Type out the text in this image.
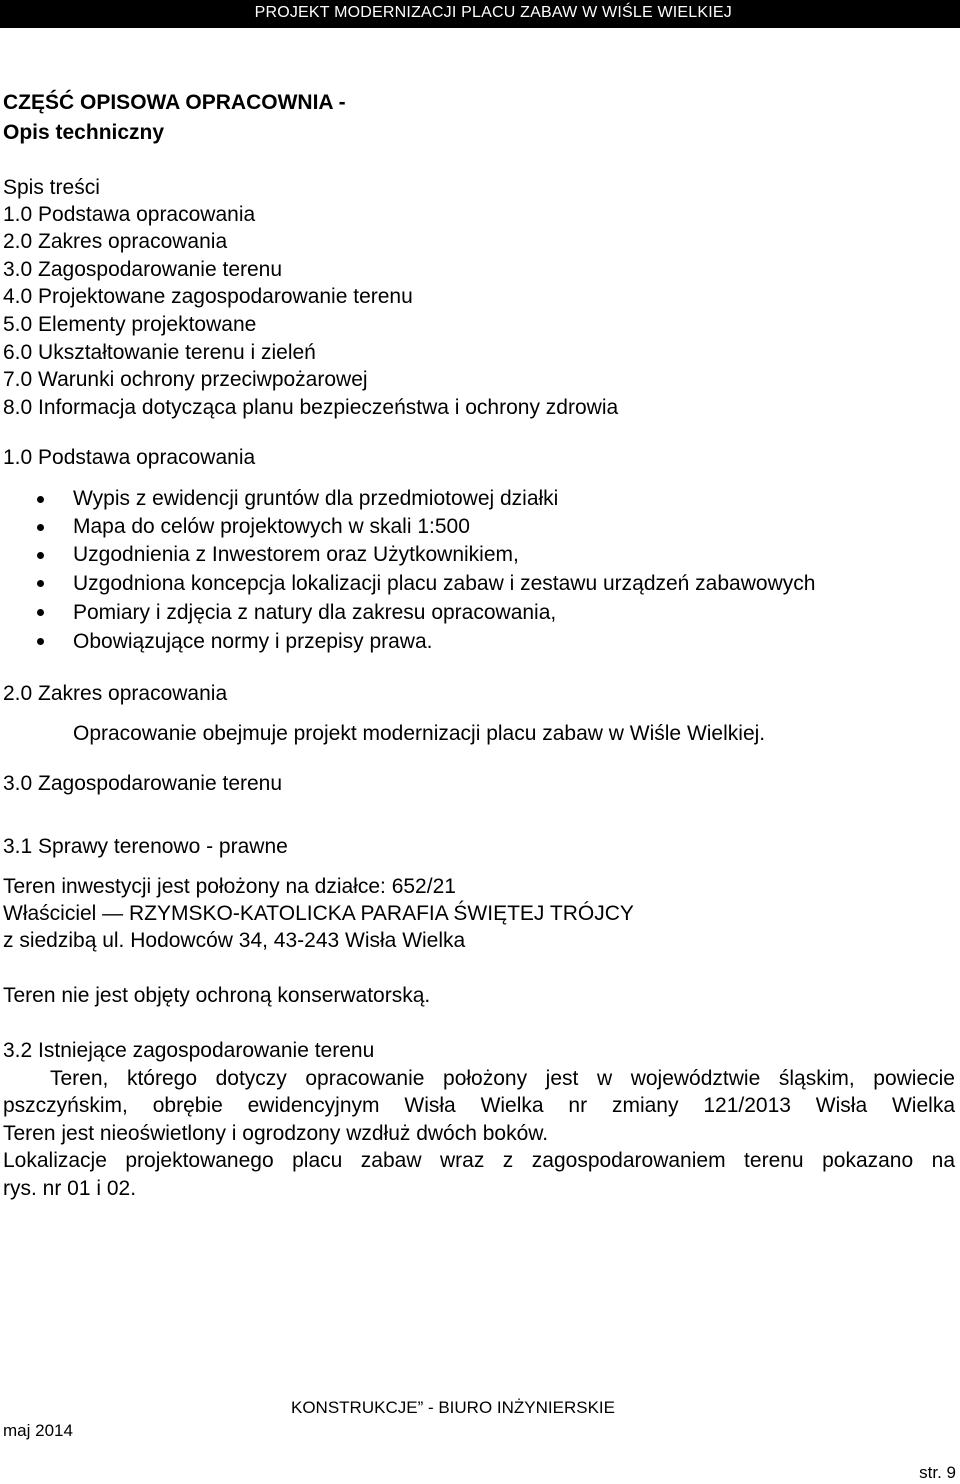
PROJEKT MODERNIZACJI PLACU ZABAW W WIŚLE WIELKIEJ
CZĘŚĆ OPISOWA OPRACOWNIA -
Opis techniczny
Spis treści
1.0 Podstawa opracowania
2.0 Zakres opracowania
3.0 Zagospodarowanie terenu
4.0 Projektowane zagospodarowanie terenu
5.0 Elementy projektowane
6.0 Ukształtowanie terenu i zieleń
7.0 Warunki ochrony przeciwpożarowej
8.0 Informacja dotycząca planu bezpieczeństwa i ochrony zdrowia
1.0 Podstawa opracowania
Wypis z ewidencji gruntów dla przedmiotowej działki
Mapa do celów projektowych w skali 1:500
Uzgodnienia z Inwestorem oraz Użytkownikiem,
Uzgodniona koncepcja lokalizacji placu zabaw i zestawu urządzeń zabawowych
Pomiary i zdjęcia z natury dla zakresu opracowania,
Obowiązujące normy i przepisy prawa.
2.0 Zakres opracowania
Opracowanie obejmuje projekt modernizacji placu zabaw w Wiśle Wielkiej.
3.0 Zagospodarowanie terenu
3.1 Sprawy terenowo - prawne
Teren inwestycji jest położony na działce: 652/21
Właściciel — RZYMSKO-KATOLICKA PARAFIA ŚWIĘTEJ TRÓJCY
z siedzibą ul. Hodowców 34, 43-243 Wisła Wielka
Teren nie jest objęty ochroną konserwatorską.
3.2 Istniejące zagospodarowanie terenu
Teren, którego dotyczy opracowanie położony jest w województwie śląskim, powiecie
pszczyńskim, obrębie ewidencyjnym Wisła Wielka nr zmiany 121/2013 Wisła Wielka
Teren jest nieoświetlony i ogrodzony wzdłuż dwóch boków.
Lokalizacje projektowanego placu zabaw wraz z zagospodarowaniem terenu pokazano na
rys. nr 01 i 02.
KONSTRUKCJE” - BIURO INŻYNIERSKIE
maj 2014
str. 9
